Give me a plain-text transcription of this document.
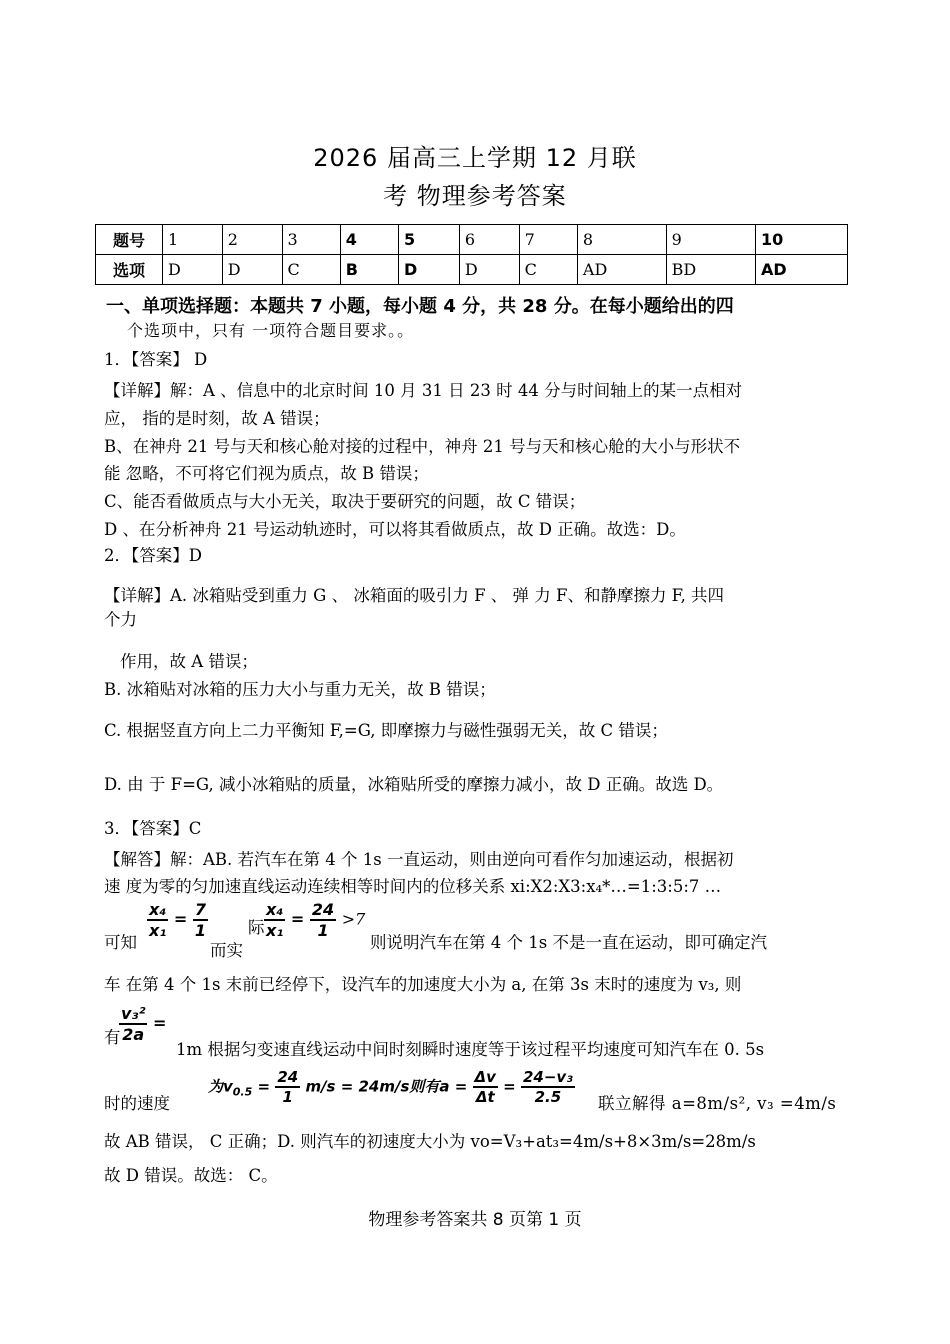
2026 届高三上学期 12 月联
考 物理参考答案
题号	1	2	3	4	5	6	7	8	9	10
选项	D	D	C	B	D	D	C	AD	BD	AD
一、单项选择题：本题共 7 小题，每小题 4 分，共 28 分。在每小题给出的四
个选项中，只有 一项符合题目要求。。
1．【答案】 D
【详解】解：A 、信息中的北京时间 10 月 31 日 23 时 44 分与时间轴上的某一点相对
应， 指的是时刻，故 A 错误；
B、在神舟 21 号与天和核心舱对接的过程中，神舟 21 号与天和核心舱的大小与形状不
能 忽略，不可将它们视为质点，故 B 错误；
C、能否看做质点与大小无关，取决于要研究的问题，故 C 错误；
D 、在分析神舟 21 号运动轨迹时，可以将其看做质点，故 D 正确。故选：D。
2．【答案】D
【详解】A. 冰箱贴受到重力 G 、 冰箱面的吸引力 F 、 弹 力 F、和静摩擦力 F, 共四
个力
作用，故 A 错误；
B. 冰箱贴对冰箱的压力大小与重力无关，故 B 错误；
C. 根据竖直方向上二力平衡知 F,=G, 即摩擦力与磁性强弱无关，故 C 错误；
D. 由 于 F=G, 减小冰箱贴的质量，冰箱贴所受的摩擦力减小，故 D 正确。故选 D。
3．【答案】C
【解答】解：AB. 若汽车在第 4 个 1s 一直运动，则由逆向可看作匀加速运动，根据初
速 度为零的匀加速直线运动连续相等时间内的位移关系 xi:X2:X3:x₄*…=1:3:5:7 …
可知
$\frac{\text{x₄}}{\text{x₁}} = \frac{7}{1}$
而实
际 $\frac{\text{x₄}}{\text{x₁}} = \frac{24}{1} >7$
则说明汽车在第 4 个 1s 不是一直在运动，即可确定汽
车 在第 4 个 1s 末前已经停下，设汽车的加速度大小为 a, 在第 3s 末时的速度为 v₃, 则
有
$\frac{\text{v₃²}}{2a}$ =
1m 根据匀变速直线运动中间时刻瞬时速度等于该过程平均速度可知汽车在 0. 5s
时的速度
为$v_{0.5} = \frac{24}{1} m/s = 24m/s$则有$a = \frac{\Delta v}{\Delta t} = \frac{\text{24−v₃}}{2.5}$ 联立解得 a=8m/s², v₃ =4m/s
故 AB 错误， C 正确；D. 则汽车的初速度大小为 vo=V₃+at₃=4m/s+8×3m/s=28m/s
故 D 错误。故选： C。
物理参考答案共 8 页第 1 页
